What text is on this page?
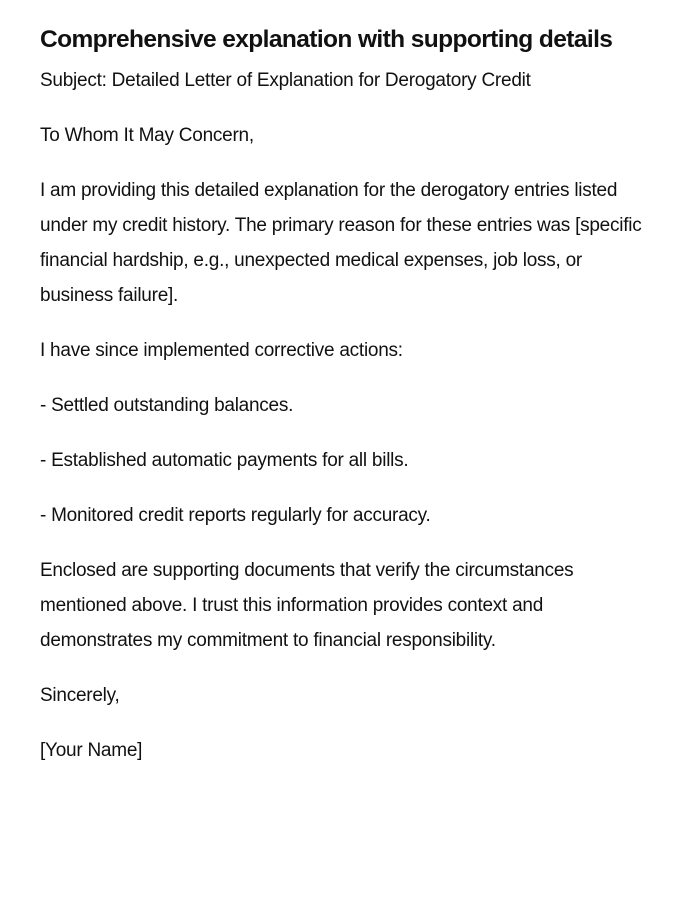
Comprehensive explanation with supporting details

Subject: Detailed Letter of Explanation for Derogatory Credit

To Whom It May Concern,

I am providing this detailed explanation for the derogatory entries listed under my credit history. The primary reason for these entries was [specific financial hardship, e.g., unexpected medical expenses, job loss, or business failure].

I have since implemented corrective actions:

- Settled outstanding balances.

- Established automatic payments for all bills.

- Monitored credit reports regularly for accuracy.

Enclosed are supporting documents that verify the circumstances mentioned above. I trust this information provides context and demonstrates my commitment to financial responsibility.

Sincerely,

[Your Name]
